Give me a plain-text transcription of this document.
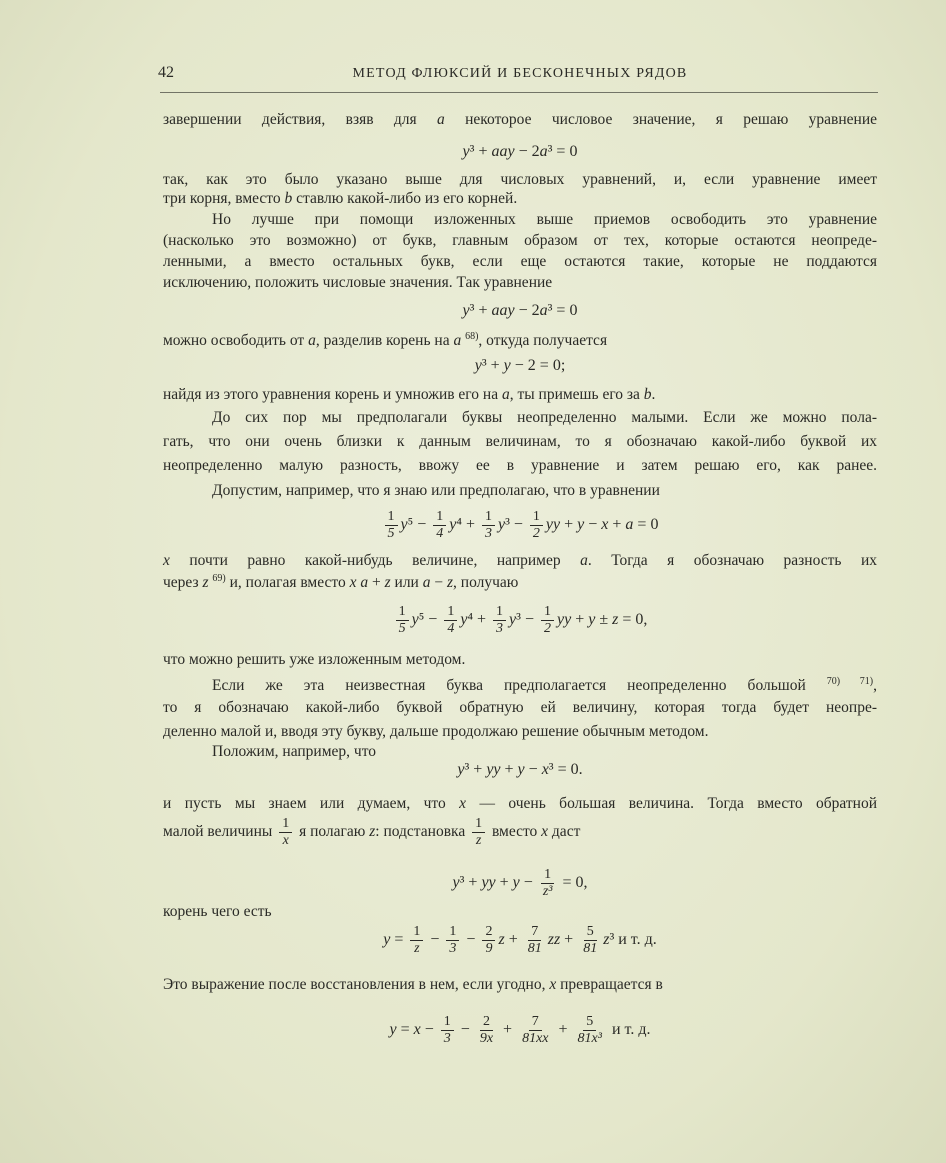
42	МЕТОД ФЛЮКСИЙ И БЕСКОНЕЧНЫХ РЯДОВ
завершении действия, взяв для a некоторое числовое значение, я решаю уравнение
y³ + aay − 2a³ = 0
так, как это было указано выше для числовых уравнений, и, если уравнение имеет
три корня, вместо b ставлю какой-либо из его корней.
Но лучше при помощи изложенных выше приемов освободить это уравнение
(насколько это возможно) от букв, главным образом от тех, которые остаются неопреде-
ленными, а вместо остальных букв, если еще остаются такие, которые не поддаются
исключению, положить числовые значения. Так уравнение
y³ + aay − 2a³ = 0
можно освободить от a, разделив корень на a $^{68)}$, откуда получается
y³ + y − 2 = 0;
найдя из этого уравнения корень и умножив его на a, ты примешь его за b.
До сих пор мы предполагали буквы неопределенно малыми. Если же можно пола-
гать, что они очень близки к данным величинам, то я обозначаю какой-либо буквой их
неопределенно малую разность, ввожу ее в уравнение и затем решаю его, как ранее.
Допустим, например, что я знаю или предполагаю, что в уравнении
$\frac{1}{5} y^5 - \frac{1}{4} y^4 + \frac{1}{3} y^3 - \frac{1}{2}$ yy + y − x + a = 0
x почти равно какой-нибудь величине, например a. Тогда я обозначаю разность их
через z $^{69)}$ и, полагая вместо x a + z или a − z, получаю
$\frac{1}{5} y^5 - \frac{1}{4} y^4 + \frac{1}{3} y^3 - \frac{1}{2}$ yy + y ± z = 0,
что можно решить уже изложенным методом.
Если же эта неизвестная буква предполагается неопределенно большой $^{70) 71)}$,
то я обозначаю какой-либо буквой обратную ей величину, которая тогда будет неопре-
деленно малой и, вводя эту букву, дальше продолжаю решение обычным методом.
Положим, например, что
y³ + yy + y − x³ = 0.
и пусть мы знаем или думаем, что x — очень большая величина. Тогда вместо обратной
малой величины $\frac{1}{x}$ я полагаю z: подстановка $\frac{1}{z}$ вместо x даст
y³ + yy + $y - \frac{1}{\text{z³}} = 0$,
корень чего есть
$y = \frac{1}{z} - \frac{1}{3} - \frac{2}{9}$ $z + \frac{7}{81}$ zz + $\frac{5}{81} z^3$ и т. д.
Это выражение после восстановления в нем, если угодно, x превращается в
$y = x - \frac{1}{3} - \frac{2}{9x} + \frac{7}{81xx} + \frac{5}{\text{81x³}}$ и т. д.
